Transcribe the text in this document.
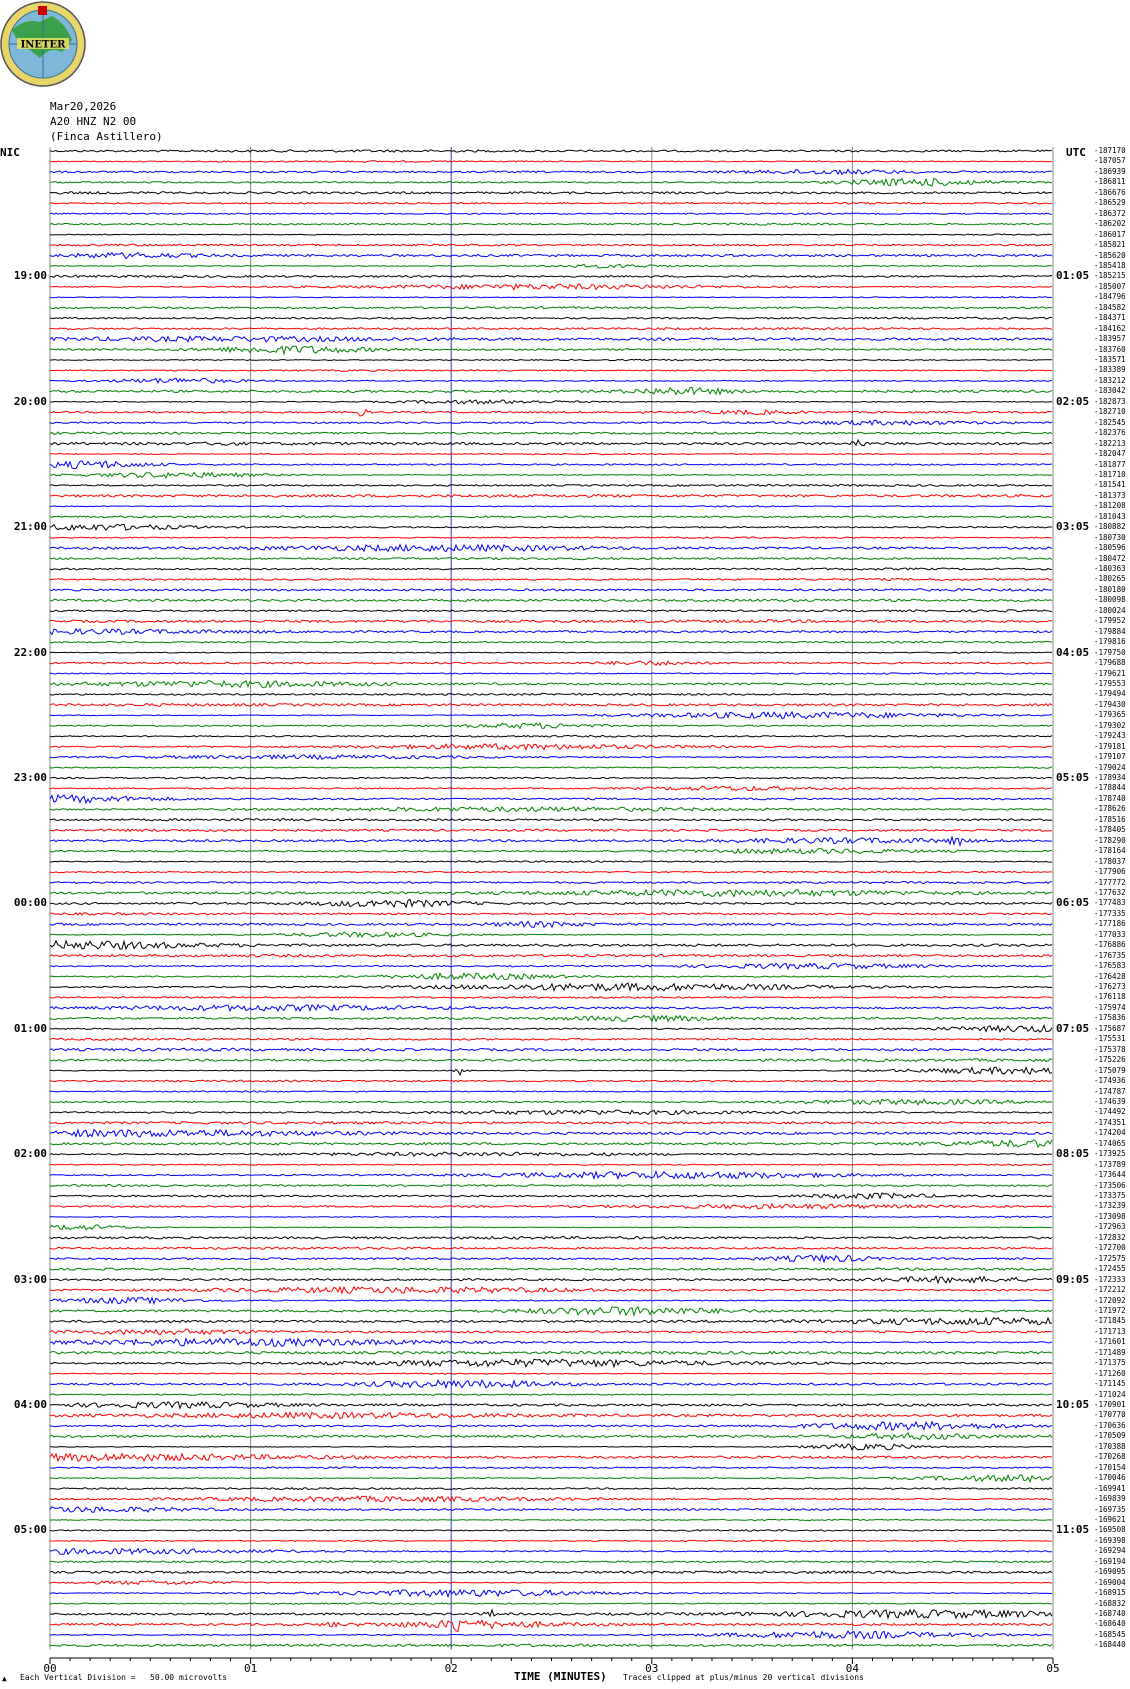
INETER
Mar20,2026
A20 HNZ N2 00
(Finca Astillero)
NIC	UTC
19:00
20:00
21:00
22:00
23:00
00:00
01:00
02:00
03:00
04:00
05:00
01:05
02:05
03:05
04:05
05:05
06:05
07:05
08:05
09:05
10:05
11:05
-187170
-187057
-186939
-186811
-186676
-186529
-186372
-186202
-186017
-185821
-185620
-185418
-185215
-185007
-184796
-184582
-184371
-184162
-183957
-183760
-183571
-183389
-183212
-183042
-182873
-182710
-182545
-182376
-182213
-182047
-181877
-181710
-181541
-181373
-181208
-181043
-180882
-180730
-180596
-180472
-180363
-180265
-180180
-180098
-180024
-179952
-179884
-179816
-179750
-179688
-179621
-179553
-179494
-179430
-179365
-179302
-179243
-179181
-179107
-179024
-178934
-178844
-178740
-178626
-178516
-178405
-178290
-178164
-178037
-177906
-177772
-177632
-177483
-177335
-177186
-177033
-176886
-176735
-176583
-176428
-176273
-176118
-175974
-175836
-175687
-175531
-175378
-175226
-175079
-174936
-174787
-174639
-174492
-174351
-174204
-174065
-173925
-173789
-173644
-173506
-173375
-173239
-173098
-172963
-172832
-172700
-172575
-172455
-172333
-172212
-172092
-171972
-171845
-171713
-171601
-171489
-171375
-171260
-171145
-171024
-170901
-170770
-170636
-170509
-170388
-170268
-170154
-170046
-169941
-169839
-169735
-169621
-169508
-169398
-169294
-169194
-169095
-169004
-168915
-168832
-168740
-168640
-168545
-168440
00	01	02	03	04	05
▲ Each Vertical Division =   50.00 microvolts	TIME (MINUTES) Traces clipped at plus/minus 20 vertical divisions
